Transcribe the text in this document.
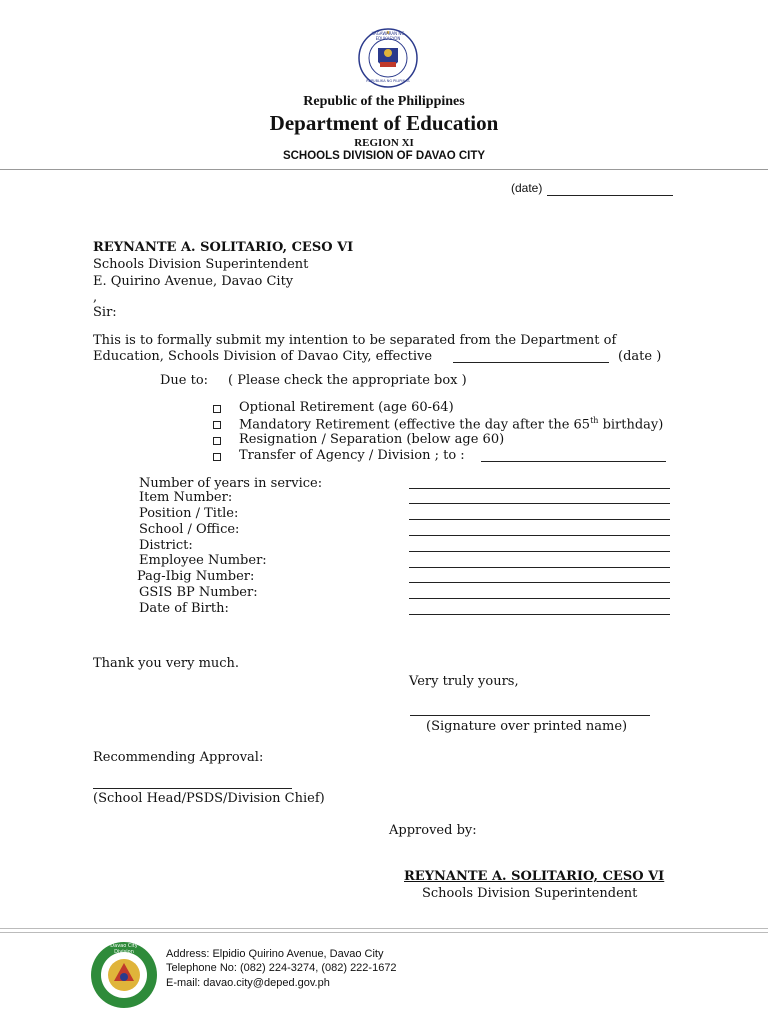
KAGAWARAN NG EDUKASYON
REPUBLIKA NG PILIPINAS
Republic of the Philippines
Department of Education
REGION XI
SCHOOLS DIVISION OF DAVAO CITY
(date)
REYNANTE A. SOLITARIO, CESO VI
Schools Division Superintendent
E. Quirino Avenue, Davao City
,
Sir:
This is to formally submit my intention to be separated from the Department of
Education, Schools Division of Davao City, effective	(date )
Due to: ( Please check the appropriate box )
Optional Retirement (age 60-64)
Mandatory Retirement (effective the day after the 65th birthday)
Resignation / Separation (below age 60)
Transfer of Agency / Division ; to :
Number of years in service:
Item Number:
Position / Title:
School / Office:
District:
Employee Number:
Pag-Ibig Number:
GSIS BP Number:
Date of Birth:
Thank you very much.
Very truly yours,
(Signature over printed name)
Recommending Approval:
(School Head/PSDS/Division Chief)
Approved by:
REYNANTE A. SOLITARIO, CESO VI
Schools Division Superintendent
Davao City Division	Address: Elpidio Quirino Avenue, Davao City
Telephone No: (082) 224-3274, (082) 222-1672
E-mail: davao.city@deped.gov.ph
